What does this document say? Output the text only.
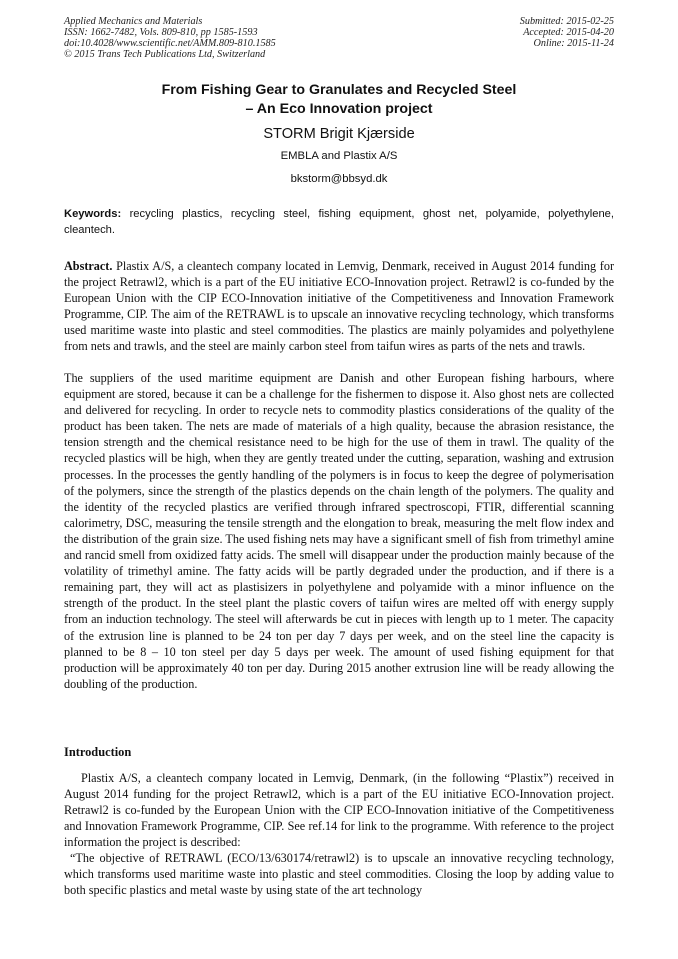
Applied Mechanics and Materials
ISSN: 1662-7482, Vols. 809-810, pp 1585-1593
doi:10.4028/www.scientific.net/AMM.809-810.1585
© 2015 Trans Tech Publications Ltd, Switzerland
Submitted: 2015-02-25
Accepted: 2015-04-20
Online: 2015-11-24
From Fishing Gear to Granulates and Recycled Steel
– An Eco Innovation project
STORM Brigit Kjærside
EMBLA and Plastix A/S
bkstorm@bbsyd.dk
Keywords: recycling plastics, recycling steel, fishing equipment, ghost net, polyamide, polyethylene, cleantech.

Abstract. Plastix A/S, a cleantech company located in Lemvig, Denmark, received in August 2014 funding for the project Retrawl2, which is a part of the EU initiative ECO-Innovation project. Retrawl2 is co-funded by the European Union with the CIP ECO-Innovation initiative of the Competitiveness and Innovation Framework Programme, CIP. The aim of the RETRAWL is to upscale an innovative recycling technology, which transforms used maritime waste into plastic and steel commodities. The plastics are mainly polyamides and polyethylene from nets and trawls, and the steel are mainly carbon steel from taifun wires as parts of the nets and trawls.

The suppliers of the used maritime equipment are Danish and other European fishing harbours, where equipment are stored, because it can be a challenge for the fishermen to dispose it. Also ghost nets are collected and delivered for recycling. In order to recycle nets to commodity plastics considerations of the quality of the product has been taken. The nets are made of materials of a high quality, because the abrasion resistance, the tension strength and the chemical resistance need to be high for the use of them in trawl. The quality of the recycled plastics will be high, when they are gently treated under the cutting, separation, washing and extrusion processes. In the processes the gently handling of the polymers is in focus to keep the degree of polymerisation of the polymers, since the strength of the plastics depends on the chain length of the polymers. The quality and the identity of the recycled plastics are verified through infrared spectroscopi, FTIR, differential scanning calorimetry, DSC, measuring the tensile strength and the elongation to break, measuring the melt flow index and the distribution of the grain size. The used fishing nets may have a significant smell of fish from trimethyl amine and rancid smell from oxidized fatty acids. The smell will disappear under the production mainly because of the volatility of trimethyl amine. The fatty acids will be partly degraded under the production, and if there is a remaining part, they will act as plastisizers in polyethylene and polyamide with a minor influence on the strength of the product. In the steel plant the plastic covers of taifun wires are melted off with energy supply from an induction technology. The steel will afterwards be cut in pieces with length up to 1 meter. The capacity of the extrusion line is planned to be 24 ton per day 7 days per week, and on the steel line the capacity is planned to be 8 – 10 ton steel per day 5 days per week. The amount of used fishing equipment for that production will be approximately 40 ton per day. During 2015 another extrusion line will be ready allowing the doubling of the production.

Introduction

Plastix A/S, a cleantech company located in Lemvig, Denmark, (in the following “Plastix”) received in August 2014 funding for the project Retrawl2, which is a part of the EU initiative ECO-Innovation project. Retrawl2 is co-funded by the European Union with the CIP ECO-Innovation initiative of the Competitiveness and Innovation Framework Programme, CIP. See ref.14 for link to the programme. With reference to the project information the project is described:

“The objective of RETRAWL (ECO/13/630174/retrawl2) is to upscale an innovative recycling technology, which transforms used maritime waste into plastic and steel commodities. Closing the loop by adding value to both specific plastics and metal waste by using state of the art technology
